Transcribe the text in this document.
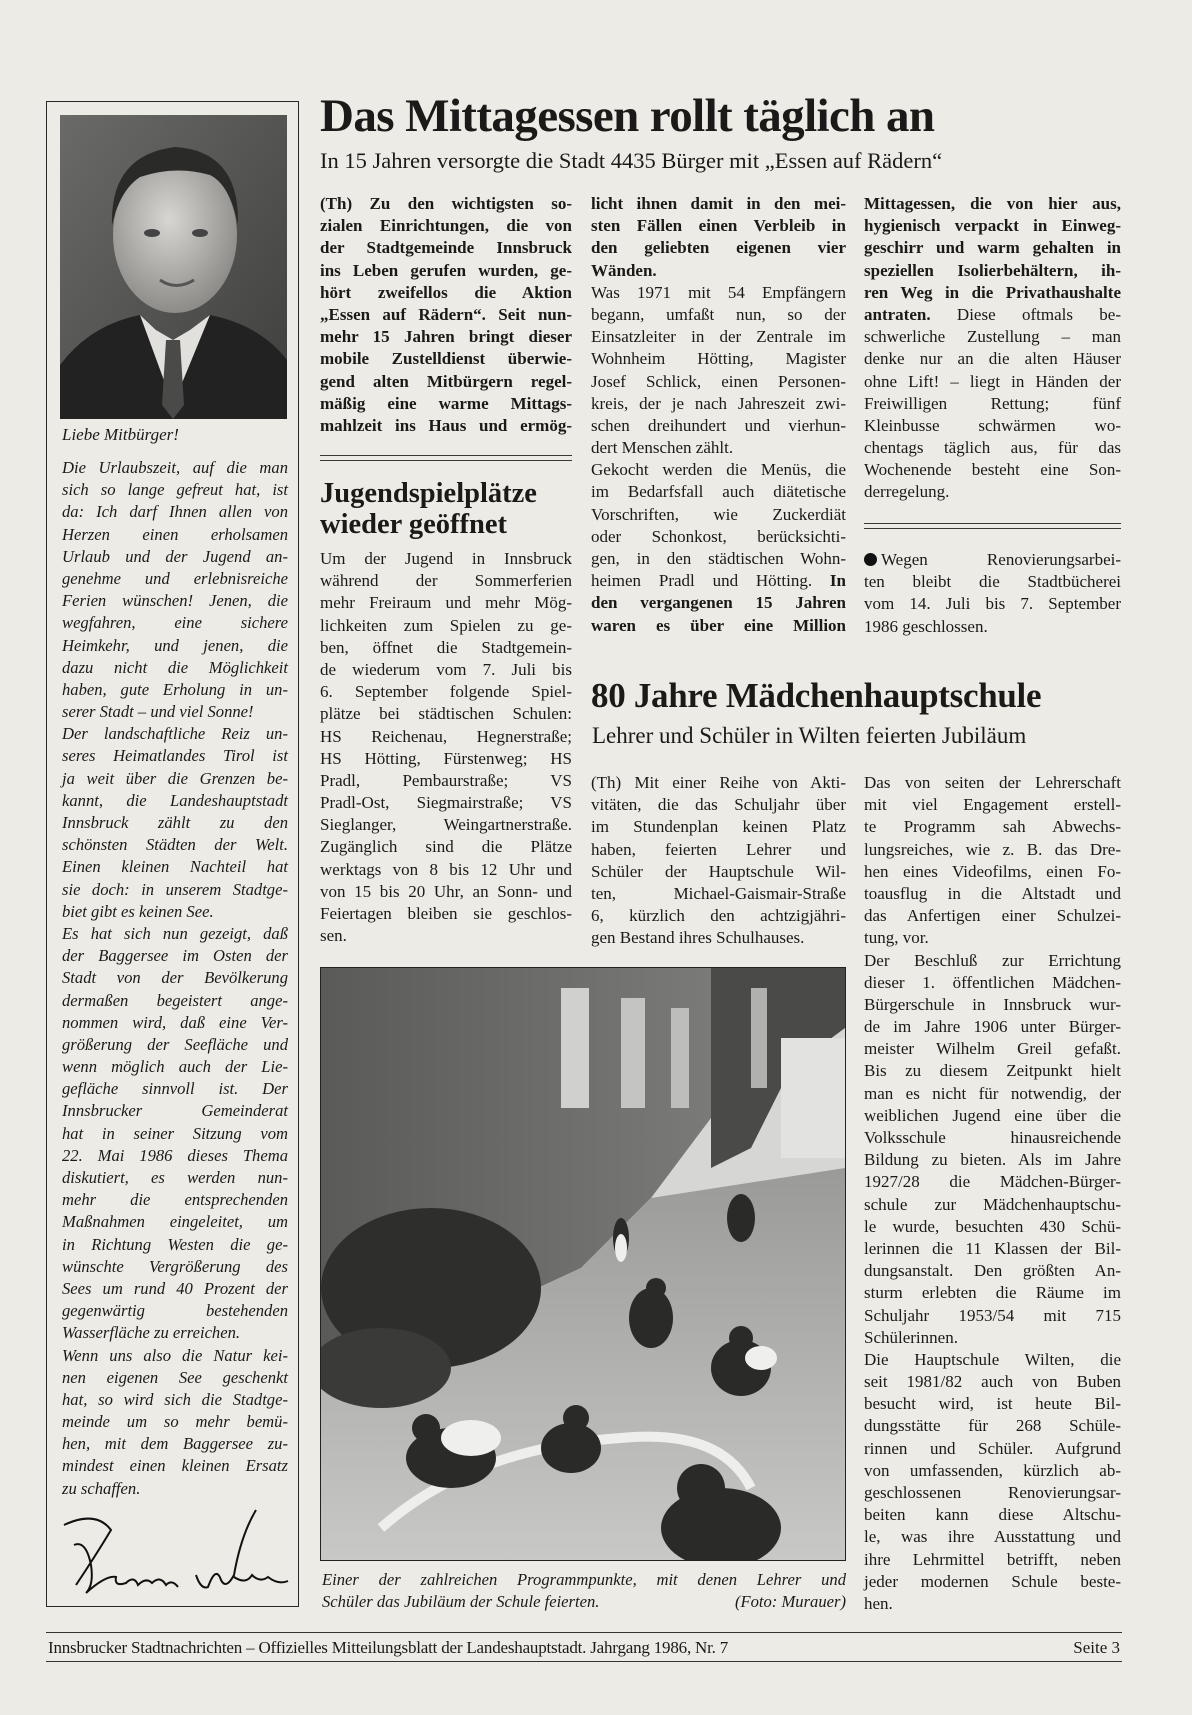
Liebe Mitbürger!
Die Urlaubszeit, auf die man
sich so lange gefreut hat, ist
da: Ich darf Ihnen allen von
Herzen einen erholsamen
Urlaub und der Jugend an-
genehme und erlebnisreiche
Ferien wünschen! Jenen, die
wegfahren, eine sichere
Heimkehr, und jenen, die
dazu nicht die Möglichkeit
haben, gute Erholung in un-
serer Stadt – und viel Sonne!
Der landschaftliche Reiz un-
seres Heimatlandes Tirol ist
ja weit über die Grenzen be-
kannt, die Landeshauptstadt
Innsbruck zählt zu den
schönsten Städten der Welt.
Einen kleinen Nachteil hat
sie doch: in unserem Stadtge-
biet gibt es keinen See.
Es hat sich nun gezeigt, daß
der Baggersee im Osten der
Stadt von der Bevölkerung
dermaßen begeistert ange-
nommen wird, daß eine Ver-
größerung der Seefläche und
wenn möglich auch der Lie-
gefläche sinnvoll ist. Der
Innsbrucker Gemeinderat
hat in seiner Sitzung vom
22. Mai 1986 dieses Thema
diskutiert, es werden nun-
mehr die entsprechenden
Maßnahmen eingeleitet, um
in Richtung Westen die ge-
wünschte Vergrößerung des
Sees um rund 40 Prozent der
gegenwärtig bestehenden
Wasserfläche zu erreichen.
Wenn uns also die Natur kei-
nen eigenen See geschenkt
hat, so wird sich die Stadtge-
meinde um so mehr bemü-
hen, mit dem Baggersee zu-
mindest einen kleinen Ersatz
zu schaffen.
Das Mittagessen rollt täglich an
In 15 Jahren versorgte die Stadt 4435 Bürger mit „Essen auf Rädern“
(Th) Zu den wichtigsten so-
zialen Einrichtungen, die von
der Stadtgemeinde Innsbruck
ins Leben gerufen wurden, ge-
hört zweifellos die Aktion
„Essen auf Rädern“. Seit nun-
mehr 15 Jahren bringt dieser
mobile Zustelldienst überwie-
gend alten Mitbürgern regel-
mäßig eine warme Mittags-
mahlzeit ins Haus und ermög-
licht ihnen damit in den mei-
sten Fällen einen Verbleib in
den geliebten eigenen vier
Wänden.
Was 1971 mit 54 Empfängern
begann, umfaßt nun, so der
Einsatzleiter in der Zentrale im
Wohnheim Hötting, Magister
Josef Schlick, einen Personen-
kreis, der je nach Jahreszeit zwi-
schen dreihundert und vierhun-
dert Menschen zählt.
Gekocht werden die Menüs, die
im Bedarfsfall auch diätetische
Vorschriften, wie Zuckerdiät
oder Schonkost, berücksichti-
gen, in den städtischen Wohn-
heimen Pradl und Hötting. In
den vergangenen 15 Jahren
waren es über eine Million
Mittagessen, die von hier aus,
hygienisch verpackt in Einweg-
geschirr und warm gehalten in
speziellen Isolierbehältern, ih-
ren Weg in die Privathaushalte
antraten. Diese oftmals be-
schwerliche Zustellung – man
denke nur an die alten Häuser
ohne Lift! – liegt in Händen der
Freiwilligen Rettung; fünf
Kleinbusse schwärmen wo-
chentags täglich aus, für das
Wochenende besteht eine Son-
derregelung.
Jugendspielplätze
wieder geöffnet
Um der Jugend in Innsbruck
während der Sommerferien
mehr Freiraum und mehr Mög-
lichkeiten zum Spielen zu ge-
ben, öffnet die Stadtgemein-
de wiederum vom 7. Juli bis
6. September folgende Spiel-
plätze bei städtischen Schulen:
HS Reichenau, Hegnerstraße;
HS Hötting, Fürstenweg; HS
Pradl, Pembaurstraße; VS
Pradl-Ost, Siegmairstraße; VS
Sieglanger, Weingartnerstraße.
Zugänglich sind die Plätze
werktags von 8 bis 12 Uhr und
von 15 bis 20 Uhr, an Sonn- und
Feiertagen bleiben sie geschlos-
sen.
Wegen Renovierungsarbei-
ten bleibt die Stadtbücherei
vom 14. Juli bis 7. September
1986 geschlossen.
80 Jahre Mädchenhauptschule
Lehrer und Schüler in Wilten feierten Jubiläum
(Th) Mit einer Reihe von Akti-
vitäten, die das Schuljahr über
im Stundenplan keinen Platz
haben, feierten Lehrer und
Schüler der Hauptschule Wil-
ten, Michael-Gaismair-Straße
6, kürzlich den achtzigjähri-
gen Bestand ihres Schulhauses.
Das von seiten der Lehrerschaft
mit viel Engagement erstell-
te Programm sah Abwechs-
lungsreiches, wie z. B. das Dre-
hen eines Videofilms, einen Fo-
toausflug in die Altstadt und
das Anfertigen einer Schulzei-
tung, vor.
Der Beschluß zur Errichtung
dieser 1. öffentlichen Mädchen-
Bürgerschule in Innsbruck wur-
de im Jahre 1906 unter Bürger-
meister Wilhelm Greil gefaßt.
Bis zu diesem Zeitpunkt hielt
man es nicht für notwendig, der
weiblichen Jugend eine über die
Volksschule hinausreichende
Bildung zu bieten. Als im Jahre
1927/28 die Mädchen-Bürger-
schule zur Mädchenhauptschu-
le wurde, besuchten 430 Schü-
lerinnen die 11 Klassen der Bil-
dungsanstalt. Den größten An-
sturm erlebten die Räume im
Schuljahr 1953/54 mit 715
Schülerinnen.
Die Hauptschule Wilten, die
seit 1981/82 auch von Buben
besucht wird, ist heute Bil-
dungsstätte für 268 Schüle-
rinnen und Schüler. Aufgrund
von umfassenden, kürzlich ab-
geschlossenen Renovierungsar-
beiten kann diese Altschu-
le, was ihre Ausstattung und
ihre Lehrmittel betrifft, neben
jeder modernen Schule beste-
hen.
Einer der zahlreichen Programmpunkte, mit denen Lehrer und
Schüler das Jubiläum der Schule feierten.	(Foto: Murauer)
Innsbrucker Stadtnachrichten – Offizielles Mitteilungsblatt der Landeshauptstadt. Jahrgang 1986, Nr. 7	Seite 3
